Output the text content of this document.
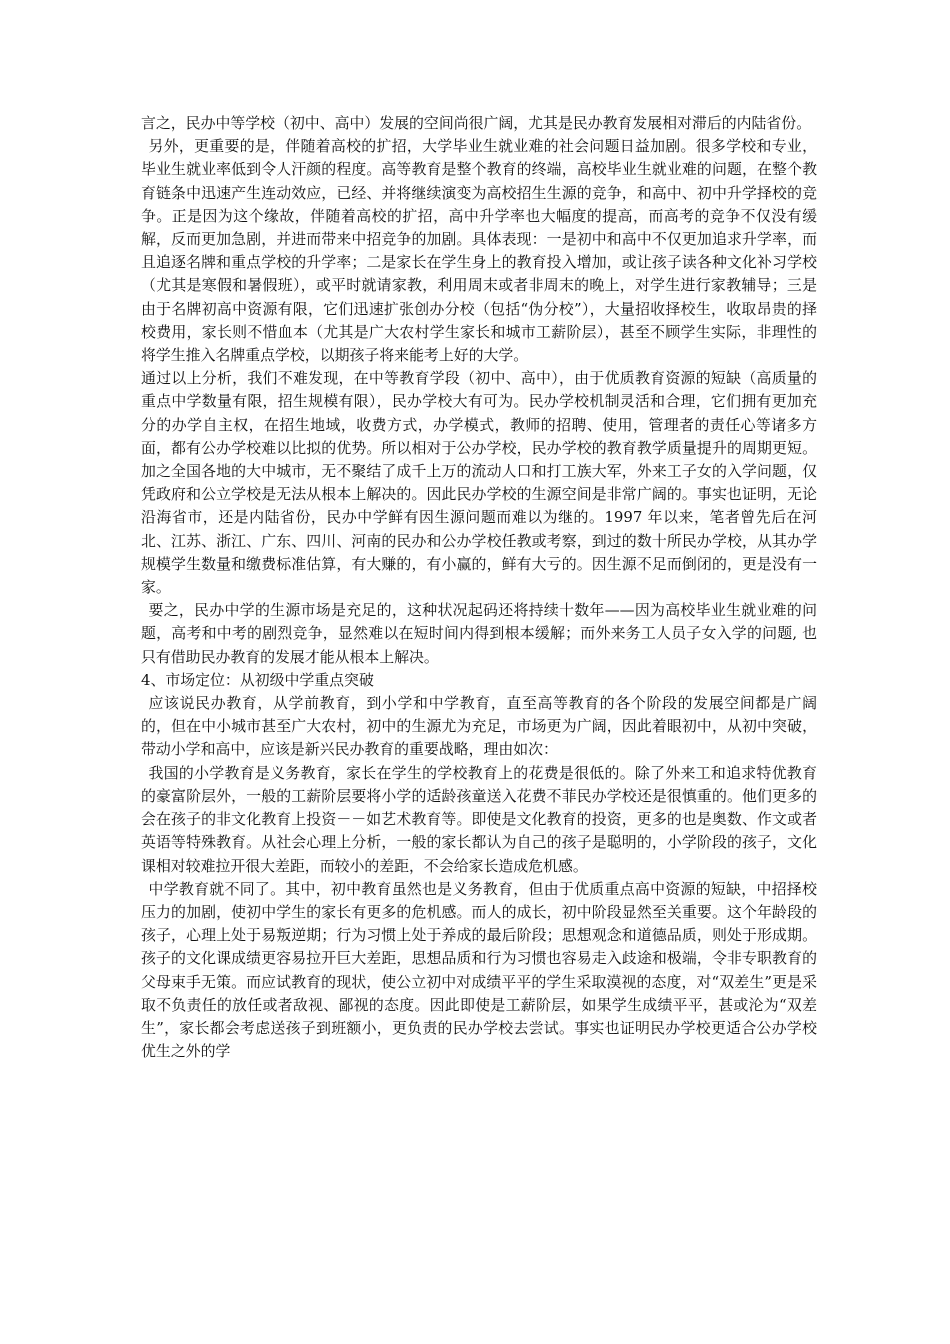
言之，民办中等学校（初中、高中）发展的空间尚很广阔，尤其是民办教育发展相对滞后的内陆省份。

另外，更重要的是，伴随着高校的扩招，大学毕业生就业难的社会问题日益加剧。很多学校和专业，毕业生就业率低到令人汗颜的程度。高等教育是整个教育的终端，高校毕业生就业难的问题，在整个教育链条中迅速产生连动效应，已经、并将继续演变为高校招生生源的竞争，和高中、初中升学择校的竞争。正是因为这个缘故，伴随着高校的扩招，高中升学率也大幅度的提高，而高考的竞争不仅没有缓解，反而更加急剧，并进而带来中招竞争的加剧。具体表现：一是初中和高中不仅更加追求升学率，而且追逐名牌和重点学校的升学率；二是家长在学生身上的教育投入增加，或让孩子读各种文化补习学校（尤其是寒假和暑假班），或平时就请家教，利用周末或者非周末的晚上，对学生进行家教辅导；三是由于名牌初高中资源有限，它们迅速扩张创办分校（包括“伪分校”），大量招收择校生，收取昂贵的择校费用，家长则不惜血本（尤其是广大农村学生家长和城市工薪阶层），甚至不顾学生实际，非理性的将学生推入名牌重点学校，以期孩子将来能考上好的大学。

通过以上分析，我们不难发现，在中等教育学段（初中、高中），由于优质教育资源的短缺（高质量的重点中学数量有限，招生规模有限），民办学校大有可为。民办学校机制灵活和合理，它们拥有更加充分的办学自主权，在招生地域，收费方式，办学模式，教师的招聘、使用，管理者的责任心等诸多方面，都有公办学校难以比拟的优势。所以相对于公办学校，民办学校的教育教学质量提升的周期更短。加之全国各地的大中城市，无不聚结了成千上万的流动人口和打工族大军，外来工子女的入学问题，仅凭政府和公立学校是无法从根本上解决的。因此民办学校的生源空间是非常广阔的。事实也证明，无论沿海省市，还是内陆省份，民办中学鲜有因生源问题而难以为继的。1997 年以来，笔者曾先后在河北、江苏、浙江、广东、四川、河南的民办和公办学校任教或考察，到过的数十所民办学校，从其办学规模学生数量和缴费标准估算，有大赚的，有小赢的，鲜有大亏的。因生源不足而倒闭的，更是没有一家。

要之，民办中学的生源市场是充足的，这种状况起码还将持续十数年——因为高校毕业生就业难的问题，高考和中考的剧烈竞争，显然难以在短时间内得到根本缓解；而外来务工人员子女入学的问题, 也只有借助民办教育的发展才能从根本上解决。

4、市场定位：从初级中学重点突破

应该说民办教育，从学前教育，到小学和中学教育，直至高等教育的各个阶段的发展空间都是广阔的，但在中小城市甚至广大农村，初中的生源尤为充足，市场更为广阔，因此着眼初中，从初中突破，带动小学和高中，应该是新兴民办教育的重要战略，理由如次：

我国的小学教育是义务教育，家长在学生的学校教育上的花费是很低的。除了外来工和追求特优教育的豪富阶层外，一般的工薪阶层要将小学的适龄孩童送入花费不菲民办学校还是很慎重的。他们更多的会在孩子的非文化教育上投资－－如艺术教育等。即使是文化教育的投资，更多的也是奥数、作文或者英语等特殊教育。从社会心理上分析，一般的家长都认为自己的孩子是聪明的，小学阶段的孩子，文化课相对较难拉开很大差距，而较小的差距，不会给家长造成危机感。

中学教育就不同了。其中，初中教育虽然也是义务教育，但由于优质重点高中资源的短缺，中招择校压力的加剧，使初中学生的家长有更多的危机感。而人的成长，初中阶段显然至关重要。这个年龄段的孩子，心理上处于易叛逆期；行为习惯上处于养成的最后阶段；思想观念和道德品质，则处于形成期。孩子的文化课成绩更容易拉开巨大差距，思想品质和行为习惯也容易走入歧途和极端，令非专职教育的父母束手无策。而应试教育的现状，使公立初中对成绩平平的学生采取漠视的态度，对“双差生”更是采取不负责任的放任或者敌视、鄙视的态度。因此即使是工薪阶层，如果学生成绩平平，甚或沦为“双差生”，家长都会考虑送孩子到班额小，更负责的民办学校去尝试。事实也证明民办学校更适合公办学校优生之外的学
